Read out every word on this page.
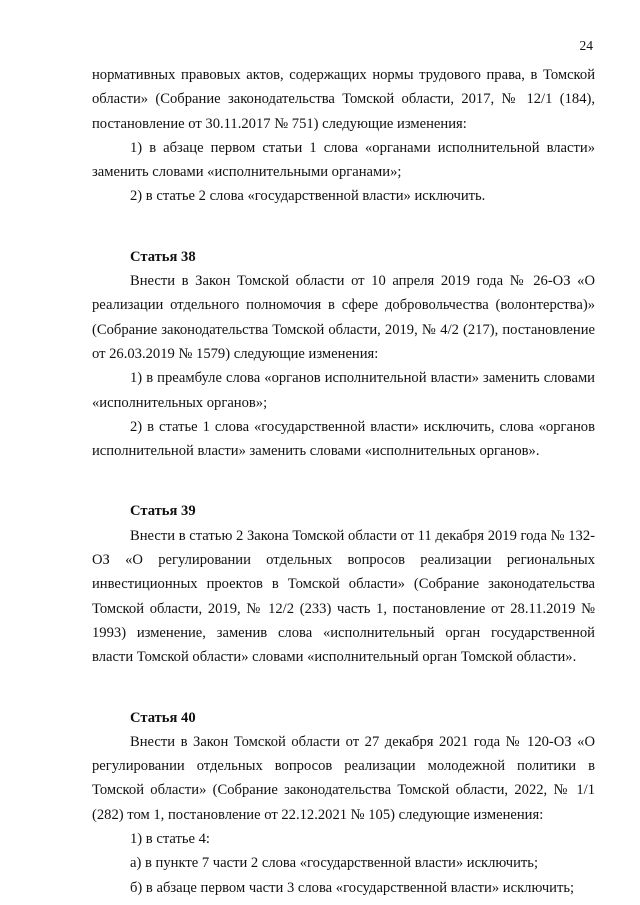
24

нормативных правовых актов, содержащих нормы трудового права, в Томской области» (Собрание законодательства Томской области, 2017, № 12/1 (184), постановление от 30.11.2017 № 751) следующие изменения:

1) в абзаце первом статьи 1 слова «органами исполнительной власти» заменить словами «исполнительными органами»;

2) в статье 2 слова «государственной власти» исключить.

Статья 38

Внести в Закон Томской области от 10 апреля 2019 года № 26-ОЗ «О реализации отдельного полномочия в сфере добровольчества (волонтерства)» (Собрание законодательства Томской области, 2019, № 4/2 (217), постановление от 26.03.2019 № 1579) следующие изменения:

1) в преамбуле слова «органов исполнительной власти» заменить словами «исполнительных органов»;

2) в статье 1 слова «государственной власти» исключить, слова «органов исполнительной власти» заменить словами «исполнительных органов».

Статья 39

Внести в статью 2 Закона Томской области от 11 декабря 2019 года № 132-ОЗ «О регулировании отдельных вопросов реализации региональных инвестиционных проектов в Томской области» (Собрание законодательства Томской области, 2019, № 12/2 (233) часть 1, постановление от 28.11.2019 № 1993) изменение, заменив слова «исполнительный орган государственной власти Томской области» словами «исполнительный орган Томской области».

Статья 40

Внести в Закон Томской области от 27 декабря 2021 года № 120-ОЗ «О регулировании отдельных вопросов реализации молодежной политики в Томской области» (Собрание законодательства Томской области, 2022, № 1/1 (282) том 1, постановление от 22.12.2021 № 105) следующие изменения:

1) в статье 4:

а) в пункте 7 части 2 слова «государственной власти» исключить;

б) в абзаце первом части 3 слова «государственной власти» исключить;
